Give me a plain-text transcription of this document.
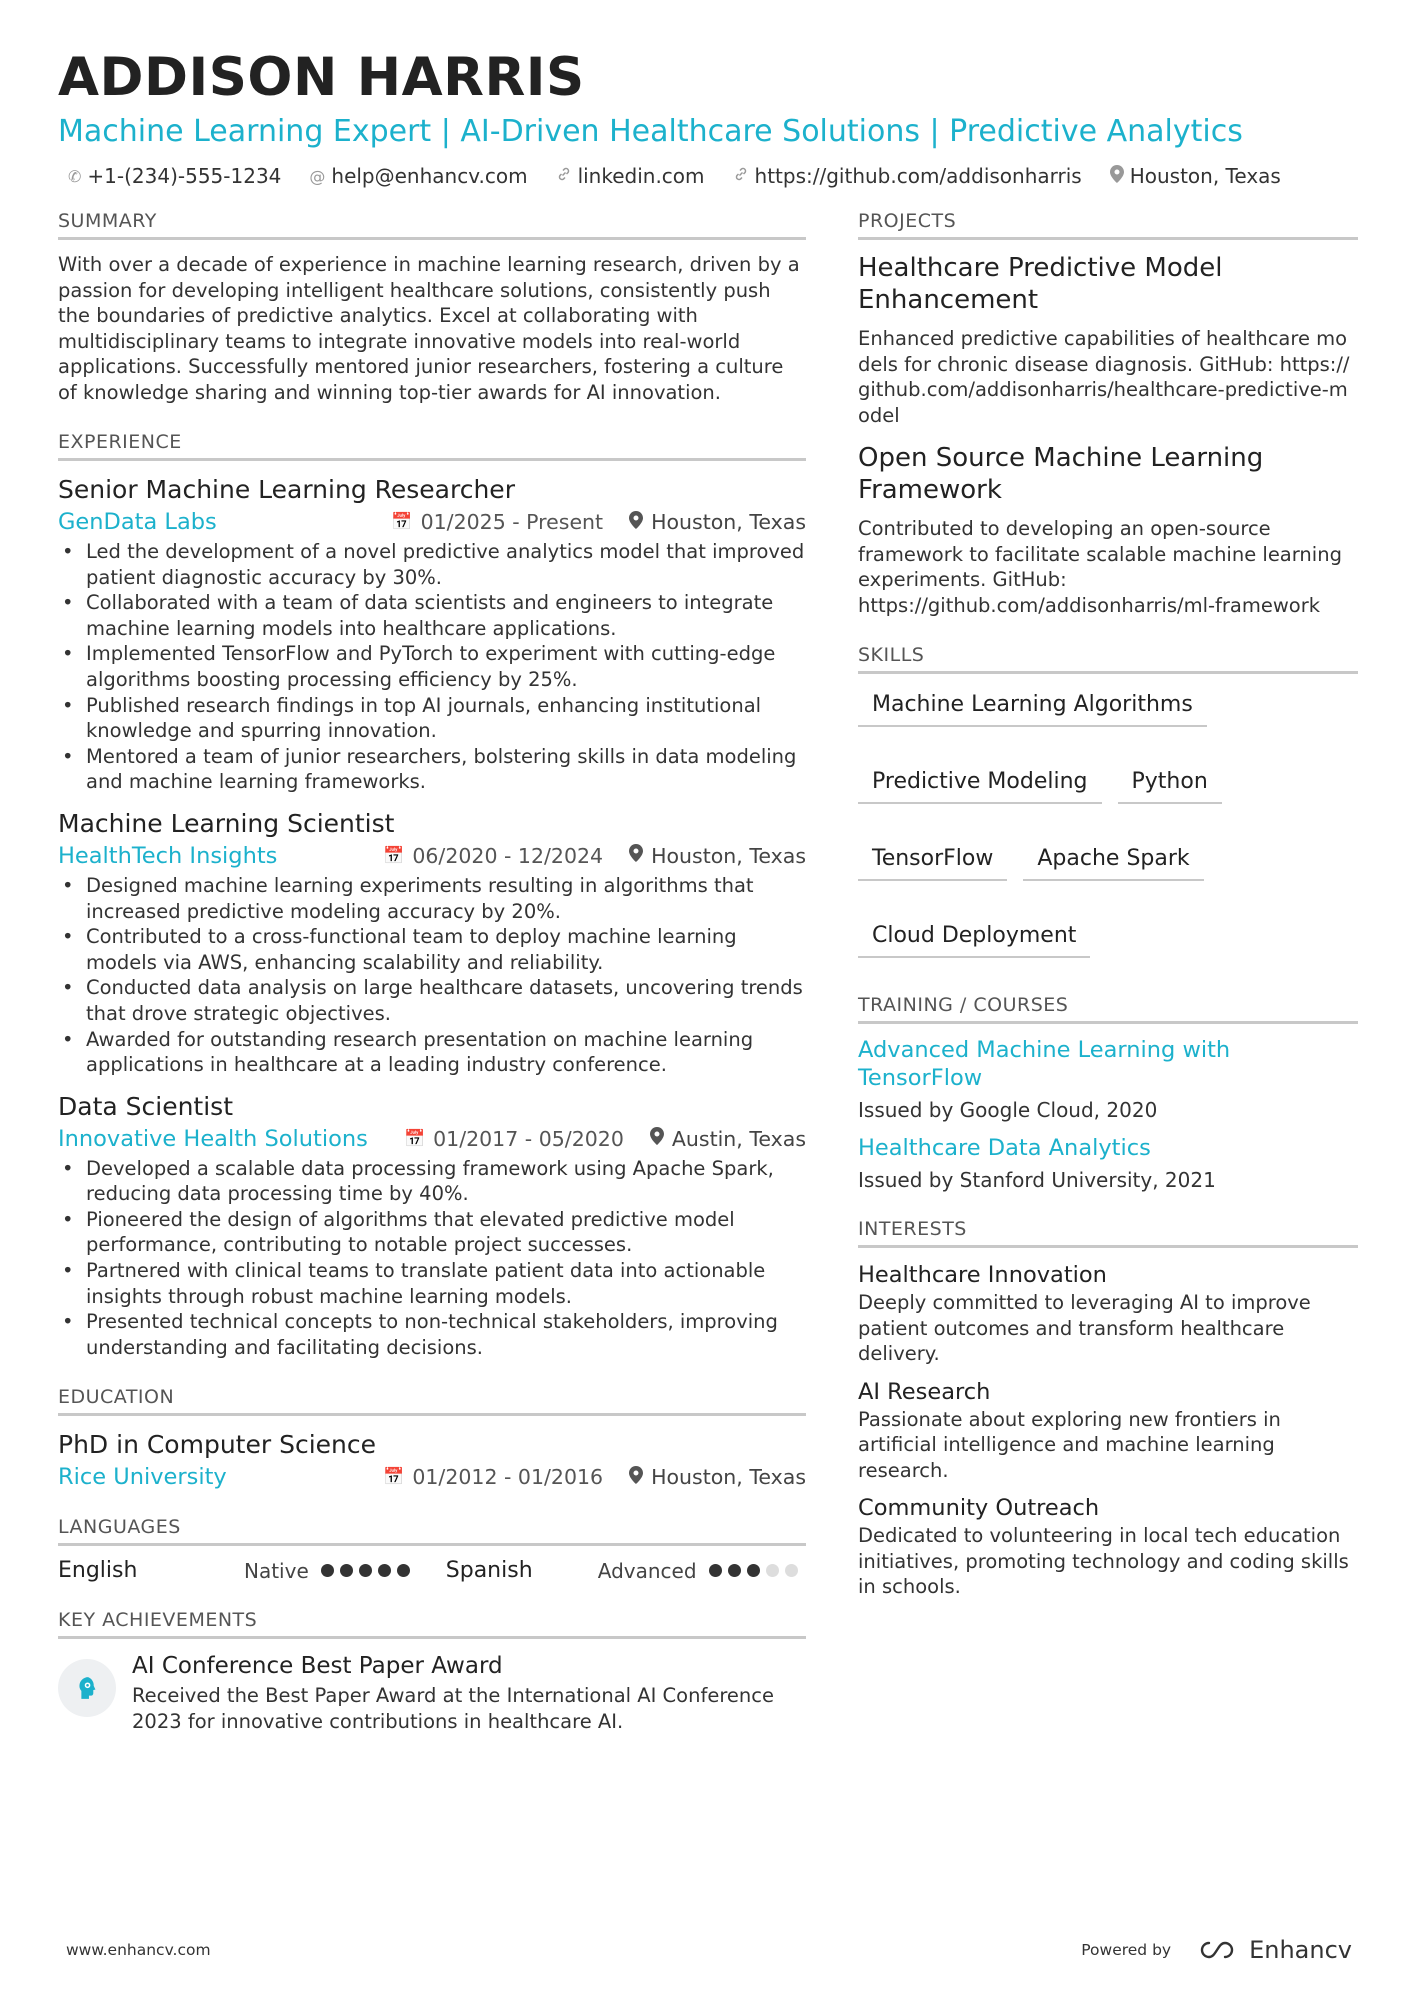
ADDISON HARRIS
Machine Learning Expert | AI-Driven Healthcare Solutions | Predictive Analytics
✆ +1-(234)-555-1234 @ help@enhancv.com	linkedin.com	https://github.com/addisonharris Houston, Texas
SUMMARY
With over a decade of experience in machine learning research, driven by a passion for developing intelligent healthcare solutions, consistently push the boundaries of predictive analytics. Excel at collaborating with multidisciplinary teams to integrate innovative models into real-world applications. Successfully mentored junior researchers, fostering a culture of knowledge sharing and winning top-tier awards for AI innovation.
EXPERIENCE
Senior Machine Learning Researcher
GenData Labs	📅 01/2025 - Present Houston, Texas
• Led the development of a novel predictive analytics model that improved patient diagnostic accuracy by 30%.
• Collaborated with a team of data scientists and engineers to integrate machine learning models into healthcare applications.
• Implemented TensorFlow and PyTorch to experiment with cutting-edge algorithms boosting processing efficiency by 25%.
• Published research findings in top AI journals, enhancing institutional knowledge and spurring innovation.
• Mentored a team of junior researchers, bolstering skills in data modeling and machine learning frameworks.
Machine Learning Scientist
HealthTech Insights	📅 06/2020 - 12/2024 Houston, Texas
• Designed machine learning experiments resulting in algorithms that increased predictive modeling accuracy by 20%.
• Contributed to a cross-functional team to deploy machine learning models via AWS, enhancing scalability and reliability.
• Conducted data analysis on large healthcare datasets, uncovering trends that drove strategic objectives.
• Awarded for outstanding research presentation on machine learning applications in healthcare at a leading industry conference.
Data Scientist
Innovative Health Solutions 📅 01/2017 - 05/2020 Austin, Texas
• Developed a scalable data processing framework using Apache Spark, reducing data processing time by 40%.
• Pioneered the design of algorithms that elevated predictive model performance, contributing to notable project successes.
• Partnered with clinical teams to translate patient data into actionable insights through robust machine learning models.
• Presented technical concepts to non-technical stakeholders, improving understanding and facilitating decisions.
EDUCATION
PhD in Computer Science
Rice University	📅 01/2012 - 01/2016 Houston, Texas
LANGUAGES
English	Native	Spanish	Advanced
KEY ACHIEVEMENTS
AI Conference Best Paper Award
Received the Best Paper Award at the International AI Conference 2023 for innovative contributions in healthcare AI.
PROJECTS
Healthcare Predictive Model Enhancement
Enhanced predictive capabilities of healthcare models for chronic disease diagnosis. GitHub: https://github.com/addisonharris/healthcare-predictive-model
Open Source Machine Learning Framework
Contributed to developing an open-source framework to facilitate scalable machine learning experiments. GitHub: https://github.com/addisonharris/ml-framework
SKILLS
Machine Learning Algorithms
Predictive Modeling	Python
TensorFlow	Apache Spark
Cloud Deployment
TRAINING / COURSES
Advanced Machine Learning with TensorFlow
Issued by Google Cloud, 2020
Healthcare Data Analytics
Issued by Stanford University, 2021
INTERESTS
Healthcare Innovation
Deeply committed to leveraging AI to improve patient outcomes and transform healthcare delivery.
AI Research
Passionate about exploring new frontiers in artificial intelligence and machine learning research.
Community Outreach
Dedicated to volunteering in local tech education initiatives, promoting technology and coding skills in schools.
www.enhancv.com	Powered by	Enhancv
